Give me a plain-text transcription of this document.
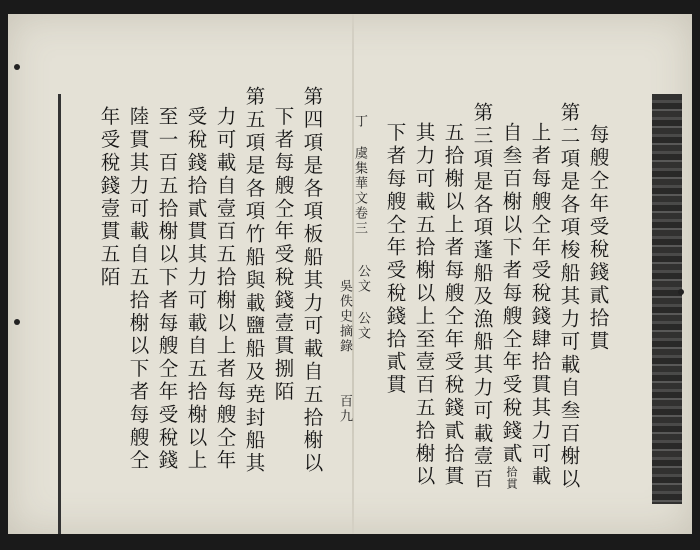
每艘仝年受稅錢貳拾貫
第二項是各項梭船其力可載自叁百榭以
上者每艘仝年受稅錢肆拾貫其力可載
自叁百榭以下者每艘仝年受稅錢貳
拾貫
第三項是各項蓬船及漁船其力可載壹百
五拾榭以上者每艘仝年受稅錢貳拾貫
其力可載五拾榭以上至壹百五拾榭以
下者每艘仝年受稅錢拾貳貫
丁 虞集華文卷三
公文 公文
吳佚史摘錄
百九
第四項是各項板船其力可載自五拾榭以
下者每艘仝年受稅錢壹貫捌陌
第五項是各項竹船與載鹽船及尭封船其
力可載自壹百五拾榭以上者每艘仝年
受稅錢拾貳貫其力可載自五拾榭以上
至一百五拾榭以下者每艘仝年受稅錢
陸貫其力可載自五拾榭以下者每艘仝
年受稅錢壹貫五陌
